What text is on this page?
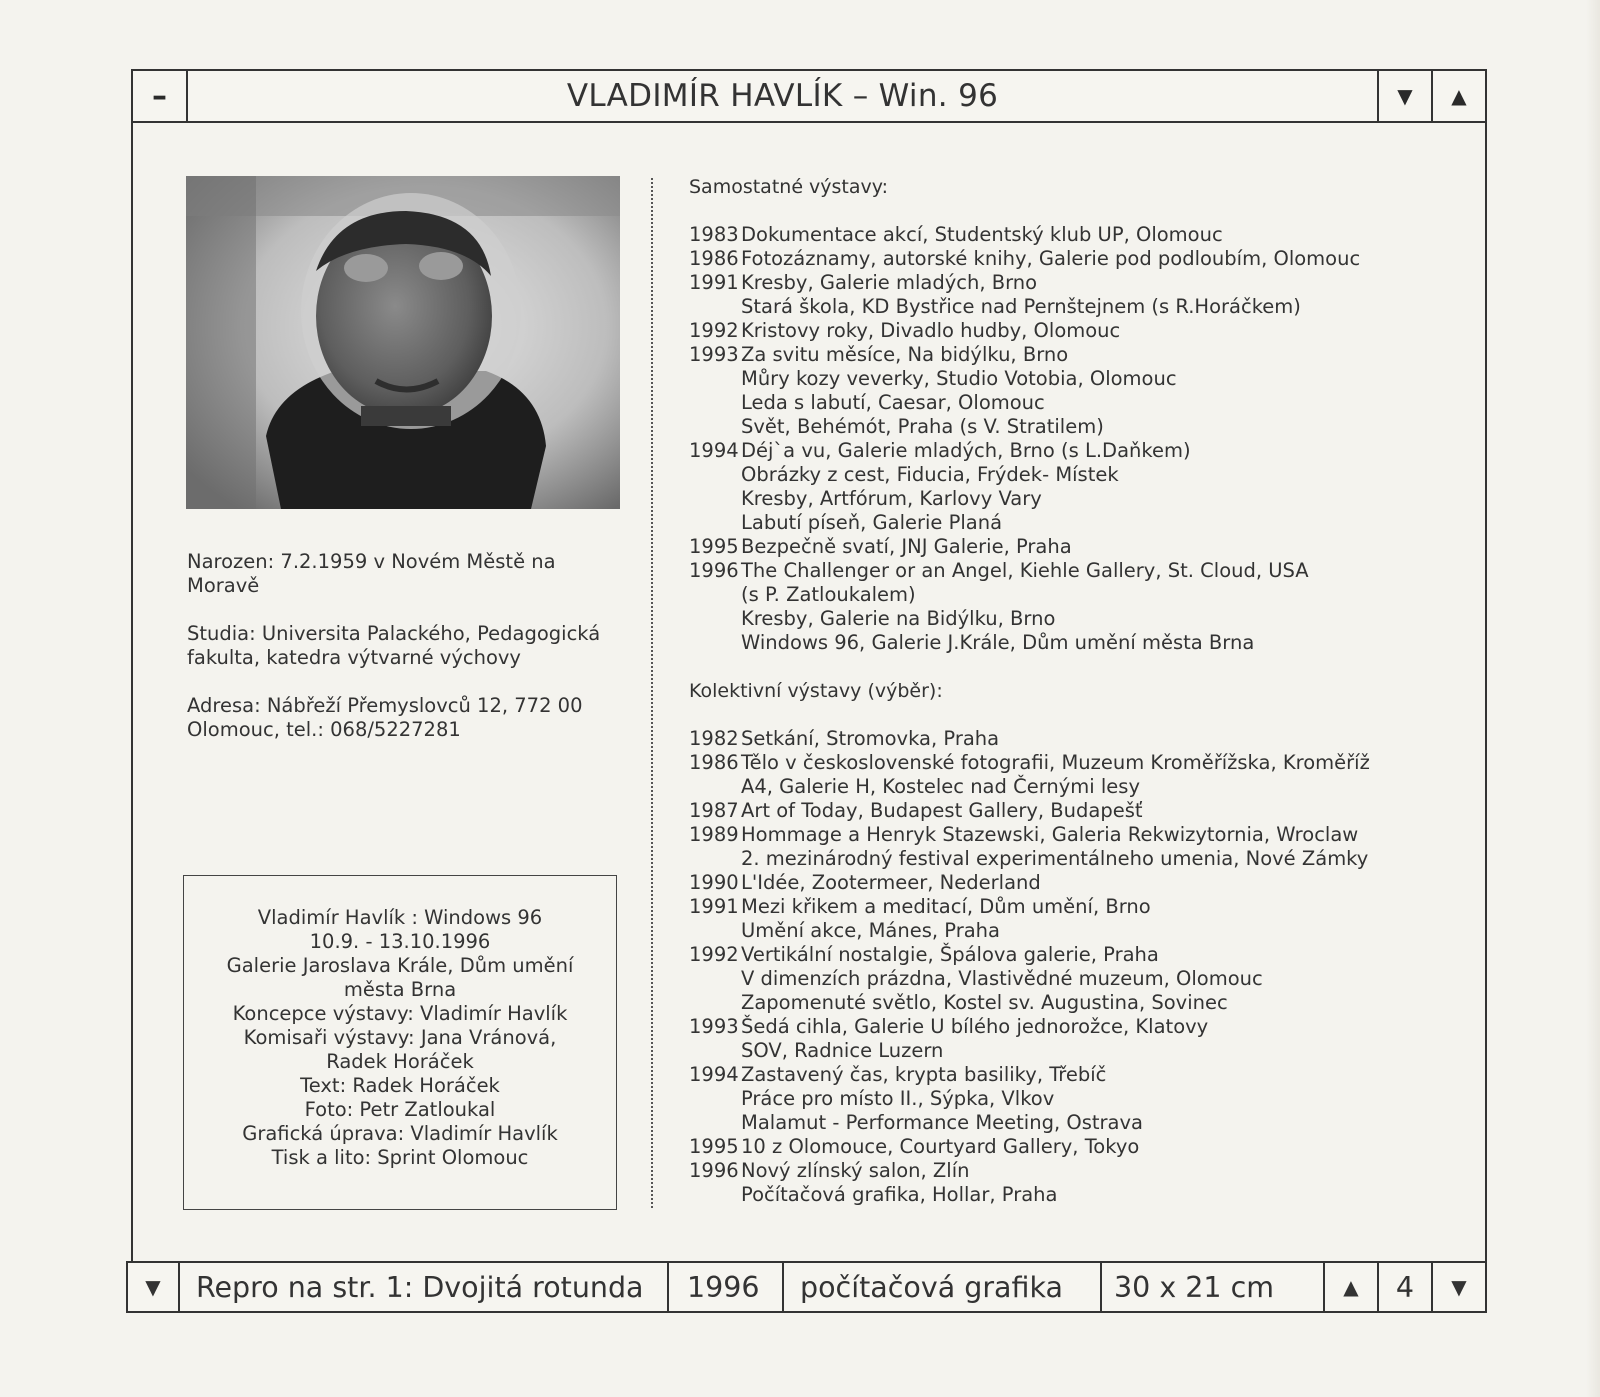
–	VLADIMÍR HAVLÍK – Win. 96	▼	▲

Narozen: 7.2.1959 v Novém Městě na Moravě

Studia: Universita Palackého, Pedagogická fakulta, katedra výtvarné výchovy

Adresa: Nábřeží Přemyslovců 12, 772 00 Olomouc, tel.: 068/5227281

Vladimír Havlík : Windows 96
10.9. - 13.10.1996
Galerie Jaroslava Krále, Dům umění
města Brna
Koncepce výstavy: Vladimír Havlík
Komisaři výstavy: Jana Vránová,
Radek Horáček
Text: Radek Horáček
Foto: Petr Zatloukal
Grafická úprava: Vladimír Havlík
Tisk a lito: Sprint Olomouc
Samostatné výstavy:
1983 Dokumentace akcí, Studentský klub UP, Olomouc
1986 Fotozáznamy, autorské knihy, Galerie pod podloubím, Olomouc
1991 Kresby, Galerie mladých, Brno
Stará škola, KD Bystřice nad Pernštejnem (s R.Horáčkem)
1992 Kristovy roky, Divadlo hudby, Olomouc
1993 Za svitu měsíce, Na bidýlku, Brno
Můry kozy veverky, Studio Votobia, Olomouc
Leda s labutí, Caesar, Olomouc
Svět, Behémót, Praha (s V. Stratilem)
1994 Déj`a vu, Galerie mladých, Brno (s L.Daňkem)
Obrázky z cest, Fiducia, Frýdek- Místek
Kresby, Artfórum, Karlovy Vary
Labutí píseň, Galerie Planá
1995 Bezpečně svatí, JNJ Galerie, Praha
1996 The Challenger or an Angel, Kiehle Gallery, St. Cloud, USA
(s P. Zatloukalem)
Kresby, Galerie na Bidýlku, Brno
Windows 96, Galerie J.Krále, Dům umění města Brna
Kolektivní výstavy (výběr):
1982 Setkání, Stromovka, Praha
1986 Tělo v československé fotografii, Muzeum Kroměřížska, Kroměříž
A4, Galerie H, Kostelec nad Černými lesy
1987 Art of Today, Budapest Gallery, Budapešť
1989 Hommage a Henryk Stazewski, Galeria Rekwizytornia, Wroclaw
2. mezinárodný festival experimentálneho umenia, Nové Zámky
1990 L'Idée, Zootermeer, Nederland
1991 Mezi křikem a meditací, Dům umění, Brno
Umění akce, Mánes, Praha
1992 Vertikální nostalgie, Špálova galerie, Praha
V dimenzích prázdna, Vlastivědné muzeum, Olomouc
Zapomenuté světlo, Kostel sv. Augustina, Sovinec
1993 Šedá cihla, Galerie U bílého jednorožce, Klatovy
SOV, Radnice Luzern
1994 Zastavený čas, krypta basiliky, Třebíč
Práce pro místo II., Sýpka, Vlkov
Malamut - Performance Meeting, Ostrava
1995 10 z Olomouce, Courtyard Gallery, Tokyo
1996 Nový zlínský salon, Zlín
Počítačová grafika, Hollar, Praha
▼	Repro na str. 1: Dvojitá rotunda	1996	počítačová grafika	30 x 21 cm	▲	4	▼
